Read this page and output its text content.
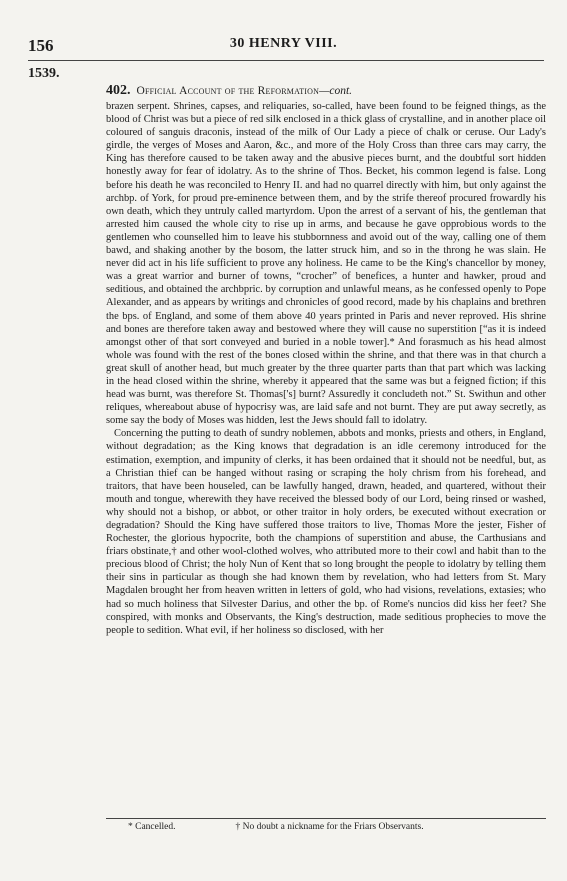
156	30 HENRY VIII.
1539.
402. Official Account of the Reformation—cont.

brazen serpent. Shrines, capses, and reliquaries, so-called, have been found to be feigned things, as the blood of Christ was but a piece of red silk enclosed in a thick glass of crystalline, and in another place oil coloured of sanguis draconis, instead of the milk of Our Lady a piece of chalk or ceruse. Our Lady's girdle, the verges of Moses and Aaron, &c., and more of the Holy Cross than three cars may carry, the King has therefore caused to be taken away and the abusive pieces burnt, and the doubtful sort hidden honestly away for fear of idolatry. As to the shrine of Thos. Becket, his common legend is false. Long before his death he was reconciled to Henry II. and had no quarrel directly with him, but only against the archbp. of York, for proud pre-eminence between them, and by the strife thereof procured frowardly his own death, which they untruly called martyrdom. Upon the arrest of a servant of his, the gentleman that arrested him caused the whole city to rise up in arms, and because he gave opprobious words to the gentlemen who counselled him to leave his stubbornness and avoid out of the way, calling one of them bawd, and shaking another by the bosom, the latter struck him, and so in the throng he was slain. He never did act in his life sufficient to prove any holiness. He came to be the King's chancellor by money, was a great warrior and burner of towns, “crocher” of benefices, a hunter and hawker, proud and seditious, and obtained the archbpric. by corruption and unlawful means, as he confessed openly to Pope Alexander, and as appears by writings and chronicles of good record, made by his chaplains and brethren the bps. of England, and some of them above 40 years printed in Paris and never reproved. His shrine and bones are therefore taken away and bestowed where they will cause no superstition [“as it is indeed amongst other of that sort conveyed and buried in a noble tower].* And forasmuch as his head almost whole was found with the rest of the bones closed within the shrine, and that there was in that church a great skull of another head, but much greater by the three quarter parts than that part which was lacking in the head closed within the shrine, whereby it appeared that the same was but a feigned fiction; if this head was burnt, was therefore St. Thomas['s] burnt? Assuredly it concludeth not.” St. Swithun and other reliques, whereabout abuse of hypocrisy was, are laid safe and not burnt. They are put away secretly, as some say the body of Moses was hidden, lest the Jews should fall to idolatry.

Concerning the putting to death of sundry noblemen, abbots and monks, priests and others, in England, without degradation; as the King knows that degradation is an idle ceremony introduced for the estimation, exemption, and impunity of clerks, it has been ordained that it should not be needful, but, as a Christian thief can be hanged without rasing or scraping the holy chrism from his forehead, and traitors, that have been houseled, can be lawfully hanged, drawn, headed, and quartered, without their mouth and tongue, wherewith they have received the blessed body of our Lord, being rinsed or washed, why should not a bishop, or abbot, or other traitor in holy orders, be executed without execration or degradation? Should the King have suffered those traitors to live, Thomas More the jester, Fisher of Rochester, the glorious hypocrite, both the champions of superstition and abuse, the Carthusians and friars obstinate,† and other wool-clothed wolves, who attributed more to their cowl and habit than to the precious blood of Christ; the holy Nun of Kent that so long brought the people to idolatry by telling them their sins in particular as though she had known them by revelation, who had letters from St. Mary Magdalen brought her from heaven written in letters of gold, who had visions, revelations, extasies; who had so much holiness that Silvester Darius, and other the bp. of Rome's nuncios did kiss her feet? She conspired, with monks and Observants, the King's destruction, made seditious prophecies to move the people to sedition. What evil, if her holiness so disclosed, with her

* Cancelled.	† No doubt a nickname for the Friars Observants.
